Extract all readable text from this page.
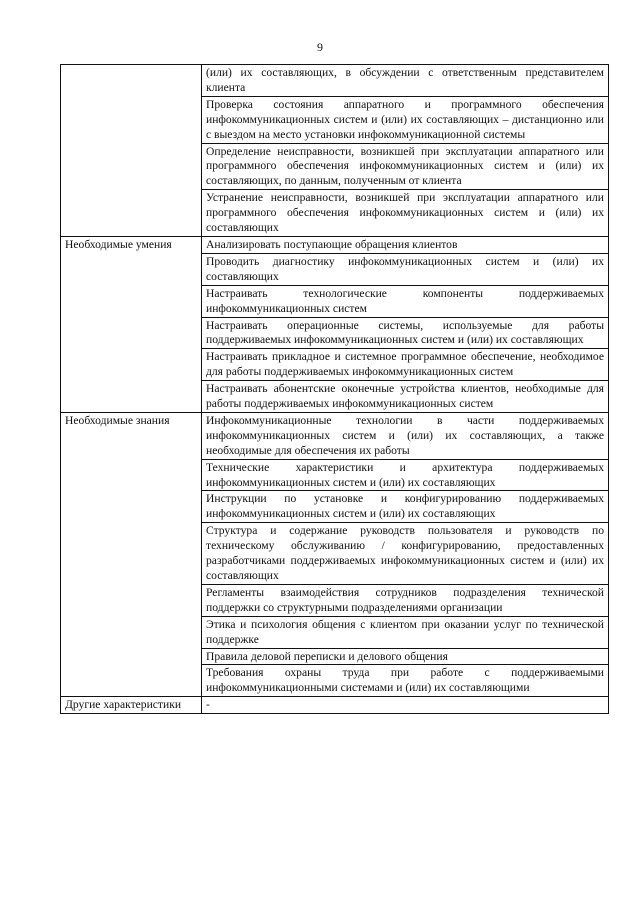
9
	(или) их составляющих, в обсуждении с ответственным представителем клиента
	Проверка состояния аппаратного и программного обеспечения инфокоммуникационных систем и (или) их составляющих – дистанционно или с выездом на место установки инфокоммуникационной системы
	Определение неисправности, возникшей при эксплуатации аппаратного или программного обеспечения инфокоммуникационных систем и (или) их составляющих, по данным, полученным от клиента
	Устранение неисправности, возникшей при эксплуатации аппаратного или программного обеспечения инфокоммуникационных систем и (или) их составляющих
Необходимые умения	Анализировать поступающие обращения клиентов
	Проводить диагностику инфокоммуникационных систем и (или) их составляющих
	Настраивать технологические компоненты поддерживаемых инфокоммуникационных систем
	Настраивать операционные системы, используемые для работы поддерживаемых инфокоммуникационных систем и (или) их составляющих
	Настраивать прикладное и системное программное обеспечение, необходимое для работы поддерживаемых инфокоммуникационных систем
	Настраивать абонентские оконечные устройства клиентов, необходимые для работы поддерживаемых инфокоммуникационных систем
Необходимые знания	Инфокоммуникационные технологии в части поддерживаемых инфокоммуникационных систем и (или) их составляющих, а также необходимые для обеспечения их работы
	Технические характеристики и архитектура поддерживаемых инфокоммуникационных систем и (или) их составляющих
	Инструкции по установке и конфигурированию поддерживаемых инфокоммуникационных систем и (или) их составляющих
	Структура и содержание руководств пользователя и руководств по техническому обслуживанию / конфигурированию, предоставленных разработчиками поддерживаемых инфокоммуникационных систем и (или) их составляющих
	Регламенты взаимодействия сотрудников подразделения технической поддержки со структурными подразделениями организации
	Этика и психология общения с клиентом при оказании услуг по технической поддержке
	Правила деловой переписки и делового общения
	Требования охраны труда при работе с поддерживаемыми инфокоммуникационными системами и (или) их составляющими
Другие характеристики	-
